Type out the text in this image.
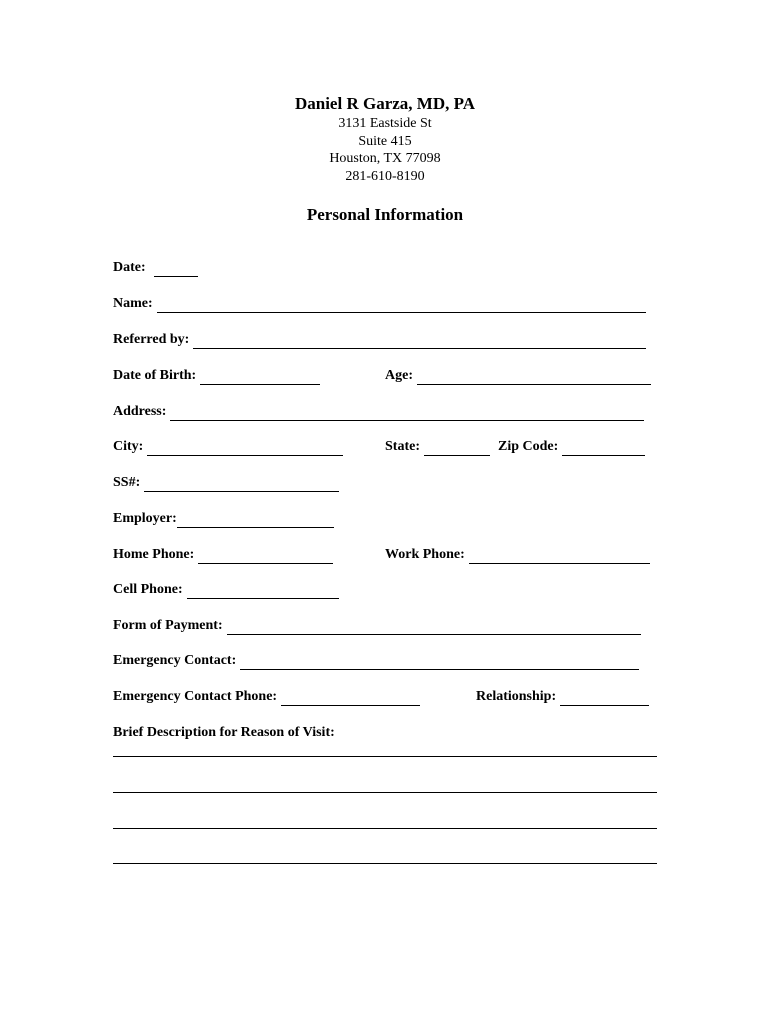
Daniel R Garza, MD, PA
3131 Eastside St
Suite 415
Houston, TX 77098
281-610-8190
Personal Information
Date:
Name:
Referred by:
Date of Birth:	Age:
Address:
City:	State:	Zip Code:
SS#:
Employer:
Home Phone:	Work Phone:
Cell Phone:
Form of Payment:
Emergency Contact:
Emergency Contact Phone:	Relationship:
Brief Description for Reason of Visit:
